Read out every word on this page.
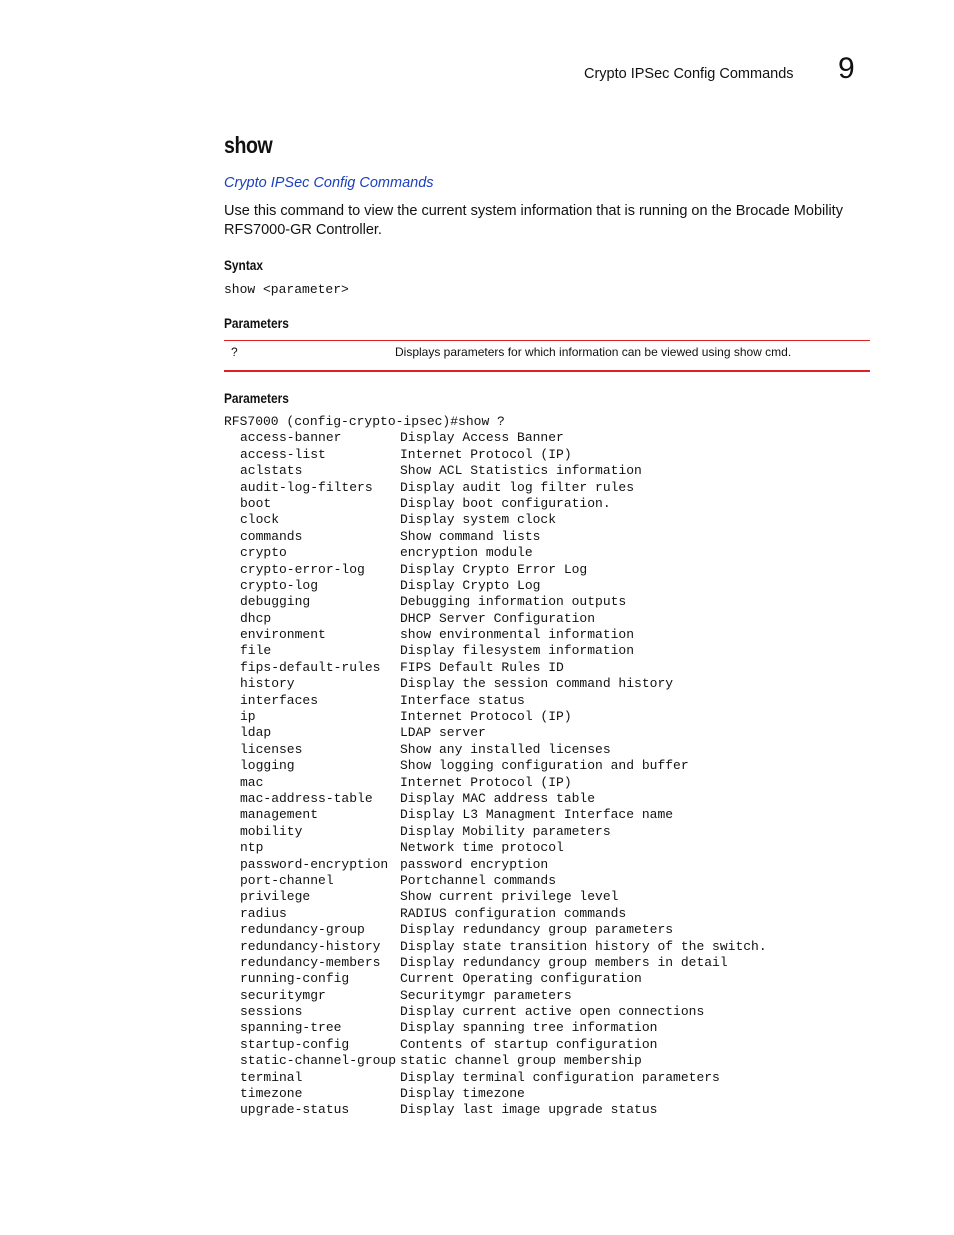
Crypto IPSec Config Commands 9
show
Crypto IPSec Config Commands

Use this command to view the current system information that is running on the Brocade Mobility RFS7000-GR Controller.

Syntax
show <parameter>
Parameters
?	Displays parameters for which information can be viewed using show cmd.
Parameters
RFS7000 (config-crypto-ipsec)#show ?
access-banner	Display Access Banner
access-list	Internet Protocol (IP)
aclstats	Show ACL Statistics information
audit-log-filters Display audit log filter rules
boot	Display boot configuration.
clock	Display system clock
commands	Show command lists
crypto	encryption module
crypto-error-log	Display Crypto Error Log
crypto-log	Display Crypto Log
debugging	Debugging information outputs
dhcp	DHCP Server Configuration
environment	show environmental information
file	Display filesystem information
fips-default-rules FIPS Default Rules ID
history	Display the session command history
interfaces	Interface status
ip	Internet Protocol (IP)
ldap	LDAP server
licenses	Show any installed licenses
logging	Show logging configuration and buffer
mac	Internet Protocol (IP)
mac-address-table Display MAC address table
management	Display L3 Managment Interface name
mobility	Display Mobility parameters
ntp	Network time protocol
password-encryption password encryption
port-channel	Portchannel commands
privilege	Show current privilege level
radius	RADIUS configuration commands
redundancy-group	Display redundancy group parameters
redundancy-history Display state transition history of the switch.
redundancy-members Display redundancy group members in detail
running-config	Current Operating configuration
securitymgr	Securitymgr parameters
sessions	Display current active open connections
spanning-tree	Display spanning tree information
startup-config	Contents of startup configuration
static-channel-group static channel group membership
terminal	Display terminal configuration parameters
timezone	Display timezone
upgrade-status	Display last image upgrade status
